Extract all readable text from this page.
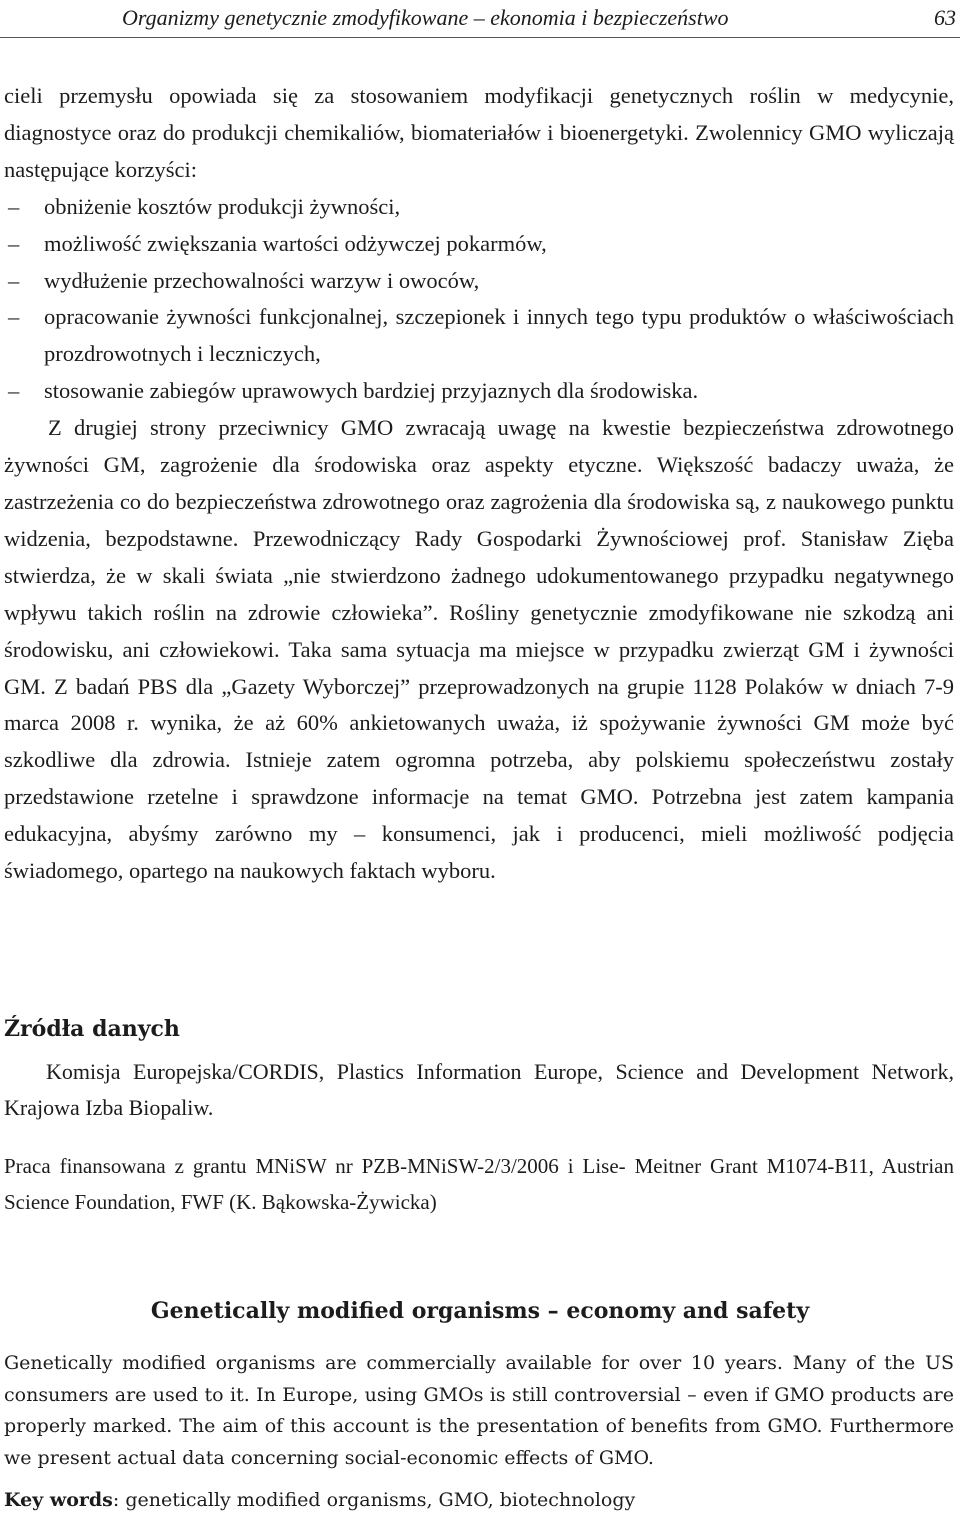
Organizmy genetycznie zmodyfikowane – ekonomia i bezpieczeństwo	63

cieli przemysłu opowiada się za stosowaniem modyfikacji genetycznych roślin w medycynie, diagnostyce oraz do produkcji chemikaliów, biomateriałów i bioenergetyki. Zwolennicy GMO wyliczają następujące korzyści:

– obniżenie kosztów produkcji żywności,
– możliwość zwiększania wartości odżywczej pokarmów,
– wydłużenie przechowalności warzyw i owoców,
– opracowanie żywności funkcjonalnej, szczepionek i innych tego typu produktów o właściwościach prozdrowotnych i leczniczych,
– stosowanie zabiegów uprawowych bardziej przyjaznych dla środowiska.

Z drugiej strony przeciwnicy GMO zwracają uwagę na kwestie bezpieczeństwa zdrowotnego żywności GM, zagrożenie dla środowiska oraz aspekty etyczne. Większość badaczy uważa, że zastrzeżenia co do bezpieczeństwa zdrowotnego oraz zagrożenia dla środowiska są, z naukowego punktu widzenia, bezpodstawne. Przewodniczący Rady Gospodarki Żywnościowej prof. Stanisław Zięba stwierdza, że w skali świata „nie stwierdzono żadnego udokumentowanego przypadku negatywnego wpływu takich roślin na zdrowie człowieka”. Rośliny genetycznie zmodyfikowane nie szkodzą ani środowisku, ani człowiekowi. Taka sama sytuacja ma miejsce w przypadku zwierząt GM i żywności GM. Z badań PBS dla „Gazety Wyborczej” przeprowadzonych na grupie 1128 Polaków w dniach 7-9 marca 2008 r. wynika, że aż 60% ankietowanych uważa, iż spożywanie żywności GM może być szkodliwe dla zdrowia. Istnieje zatem ogromna potrzeba, aby polskiemu społeczeństwu zostały przedstawione rzetelne i sprawdzone informacje na temat GMO. Potrzebna jest zatem kampania edukacyjna, abyśmy zarówno my – konsumenci, jak i producenci, mieli możliwość podjęcia świadomego, opartego na naukowych faktach wyboru.

Źródła danych

Komisja Europejska/CORDIS, Plastics Information Europe, Science and Development Network, Krajowa Izba Biopaliw.

Praca finansowana z grantu MNiSW nr PZB-MNiSW-2/3/2006 i Lise- Meitner Grant M1074-B11, Austrian Science Foundation, FWF (K. Bąkowska-Żywicka)
Genetically modified organisms – economy and safety
Genetically modified organisms are commercially available for over 10 years. Many of the US consumers are used to it. In Europe, using GMOs is still controversial – even if GMO products are properly marked. The aim of this account is the presentation of benefits from GMO. Furthermore we present actual data concerning social-economic effects of GMO.
Key words: genetically modified organisms, GMO, biotechnology
